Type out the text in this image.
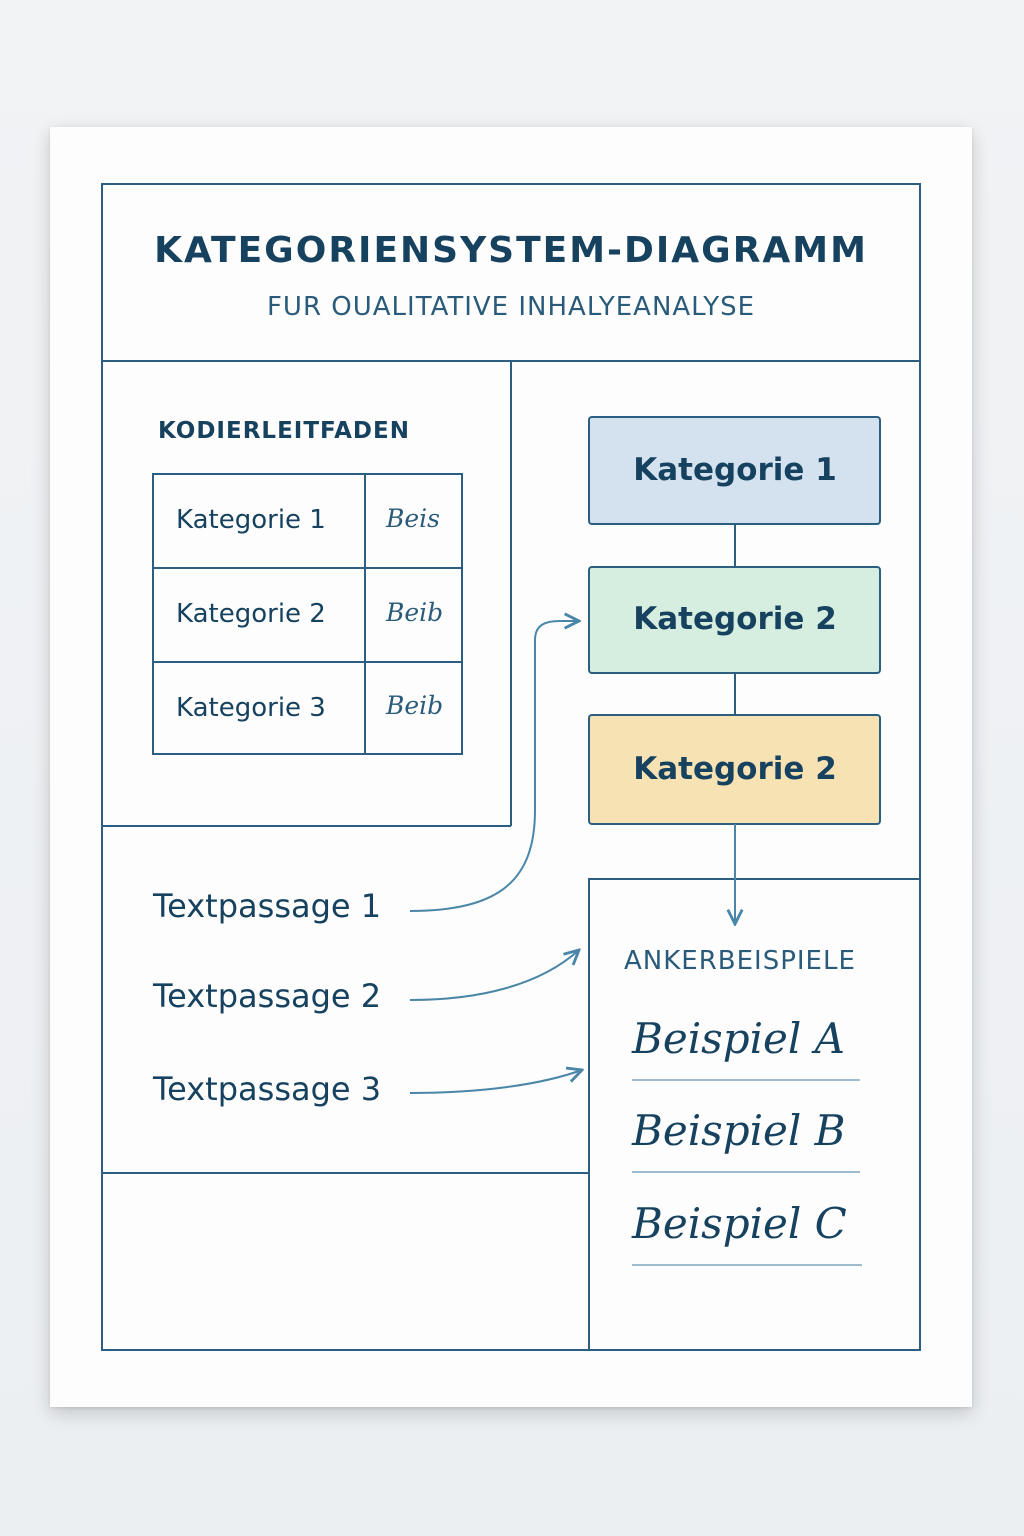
KATEGORIENSYSTEM-DIAGRAMM
FUR OUALITATIVE INHALYEANALYSE
KODIERLEITFADEN
Kategorie 1 Beis
Kategorie 2 Beib
Kategorie 3 Beib
Kategorie 1
Kategorie 2
Kategorie 2
Textpassage 1
Textpassage 2
Textpassage 3
ANKERBEISPIELE
Beispiel A
Beispiel B
Beispiel C
